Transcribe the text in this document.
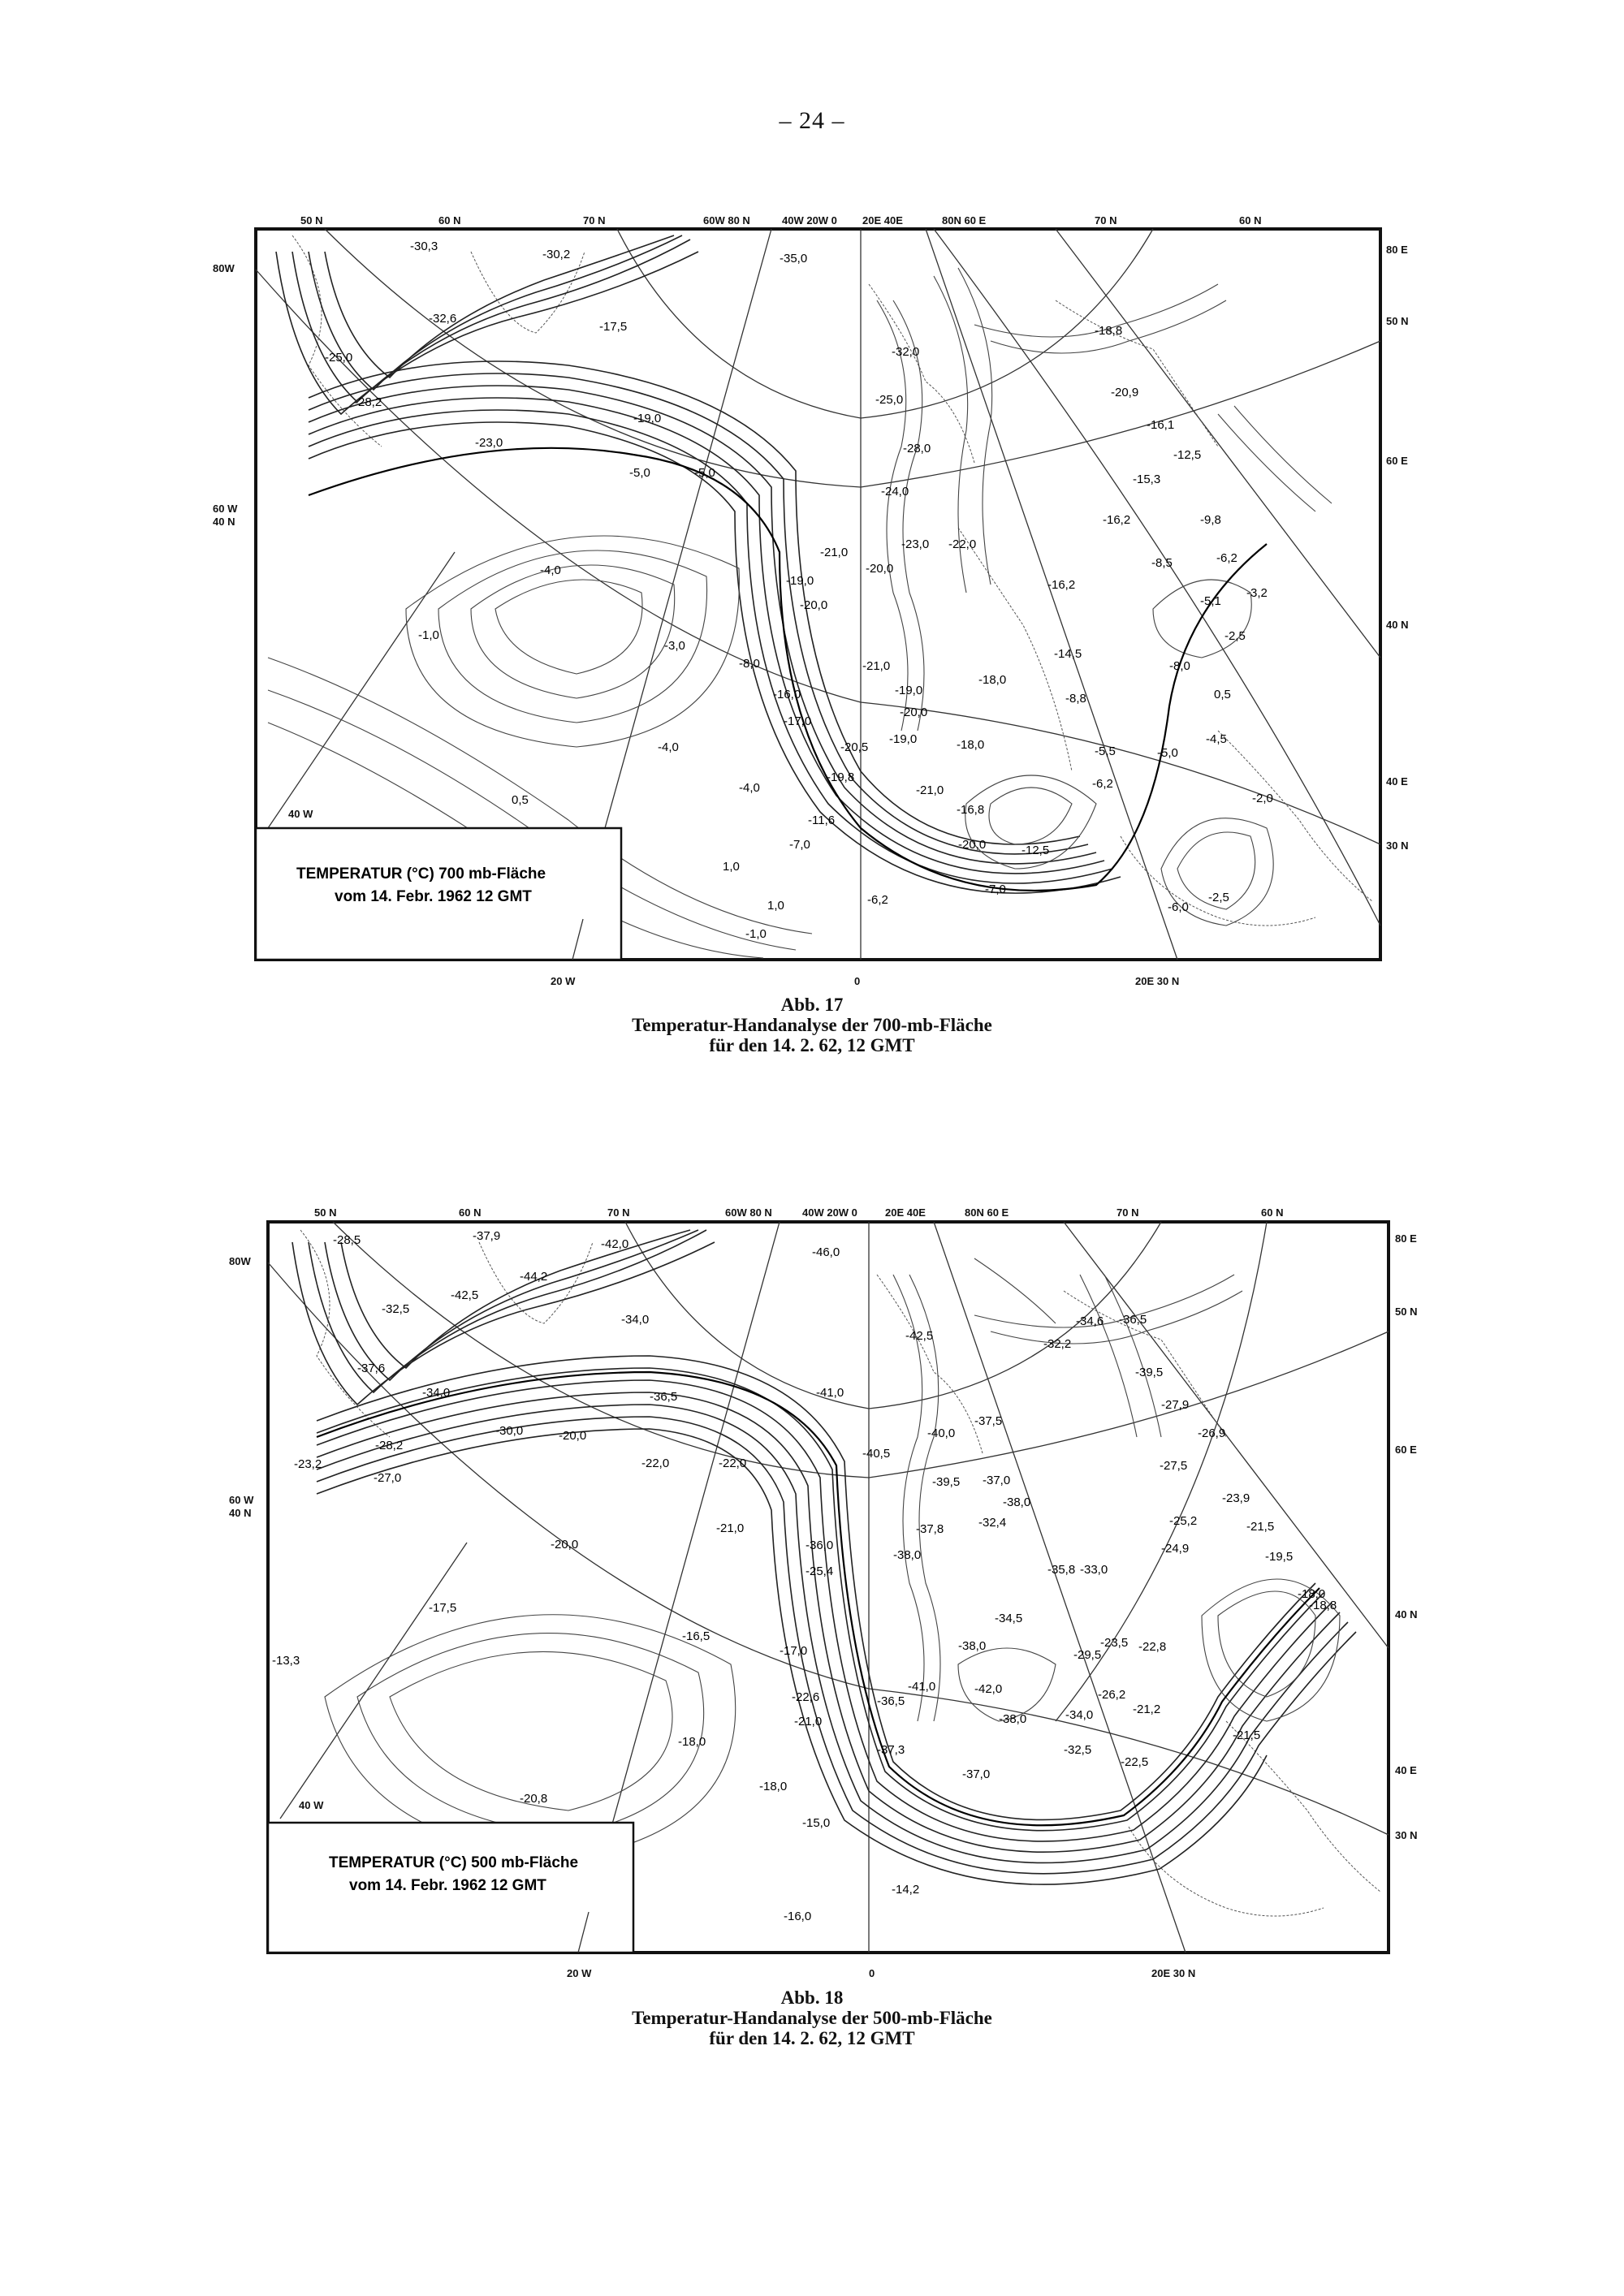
– 24 –
50 N	60 N	70 N	60W 80 N	40W 20W 0 20E 40E	80N 60 E	70 N	60 N
80W
60 W
40 N
80 E
50 N
60 E
40 N
40 E
30 N
20 W	0	20E 30 N
40 W
-30,3
-30,2	-35,0
-32,6
-17,5
-25,0
-28,2
-23,0
-19,0
-5,0	-5,0
-4,0
-1,0
-3,0
-8,0
-21,0
-19,0
-20,0
-16,0
-17,0
-20,5
-19,8
-4,0
-4,0
0,5
-7,0
1,0
1,0	-6,2
-1,0
-32,0
-25,0
-28,0
-24,0
-23,0
-20,0
-22,0
-21,0
-19,0
-18,0
-20,0
-19,0
-21,0
-18,0
-16,2
-14,5
-8,8
-12,5
-7,0
-18,8
-20,9
-16,1
-15,3
-16,2
-12,5
-9,8
-8,5	-6,2
-5,1
-3,2
-2,5
-8,0
0,5
-4,5
-5,0
-6,2
-5,5
-2,0
-6,0
-2,5
-11,6
-16,8
-20,0
TEMPERATUR (°C) 700 mb-Fläche
vom 14. Febr. 1962 12 GMT
Abb. 17
Temperatur-Handanalyse der 700-mb-Fläche
für den 14. 2. 62, 12 GMT
50 N	60 N	70 N	60W 80 N	40W 20W 0	20E 40E	80N 60 E	70 N	60 N
80W
60 W
40 N
80 E
50 N
60 E
40 N
40 E
30 N
20 W	0	20E 30 N
40 W
-28,5	-37,9
-42,0
-44,2
-42,5
-32,5
-34,0
-46,0
-37,6
-34,0	-36,5
-30,0
-28,2
-23,2
-27,0
-22,0	-22,0
-21,0
-20,0
-17,5
-13,3
-16,5
-18,0
-20,8
-18,0
-15,0
-14,2
-16,0
-41,0
-40,5
-36,0
-25,4
-17,0
-22,6
-21,0
-37,3
-42,5
-36,5
-37,5
-40,0
-39,5 -37,0
-38,0
-32,4
-37,8
-38,0
-34,5
-38,0
-35,8 -33,0
-41,0	-42,0
-38,0	-34,0
-32,5
-37,0
-29,5
-26,2
-21,2
-22,8
-23,5
-22,5
-21,5
-18,0
-19,5
-18,8
-21,5
-25,2
-24,9
-23,9
-27,5
-26,9
-27,9
-39,5
-36,5
-34,6
-32,2
-20,0
TEMPERATUR (°C) 500 mb-Fläche
vom 14. Febr. 1962 12 GMT
Abb. 18
Temperatur-Handanalyse der 500-mb-Fläche
für den 14. 2. 62, 12 GMT
